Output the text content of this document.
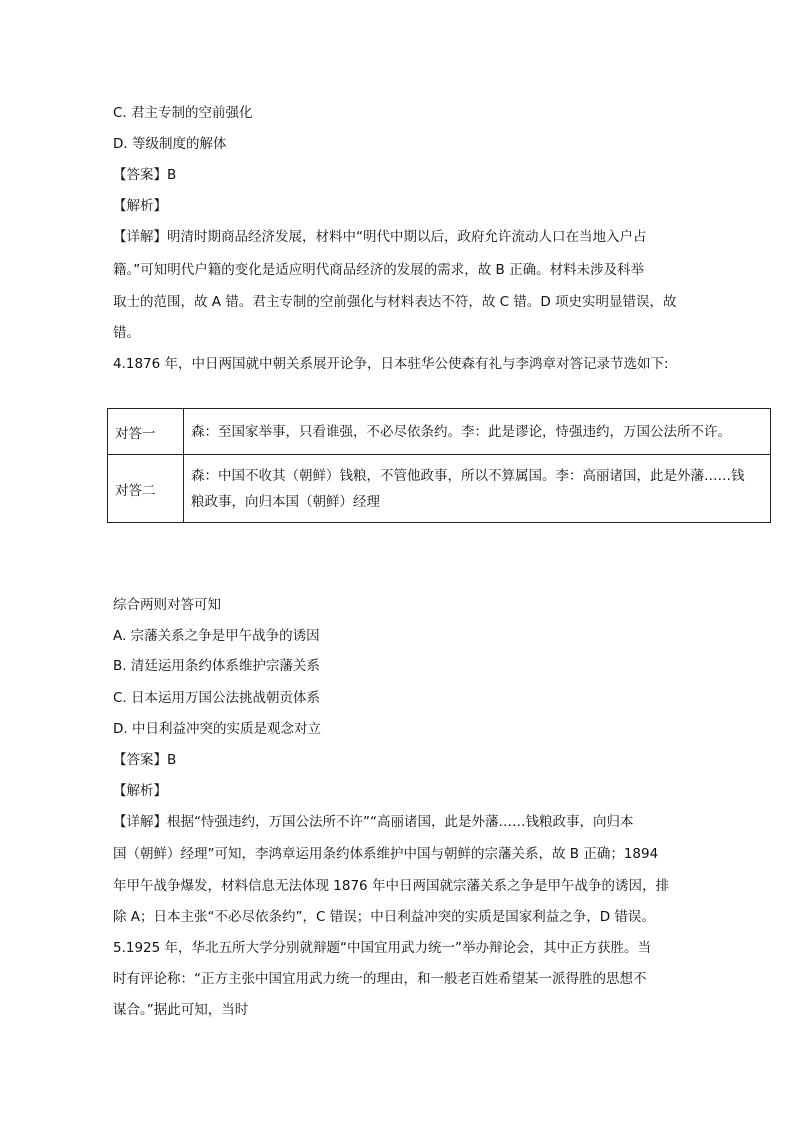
C. 君主专制的空前强化
D. 等级制度的解体
【答案】B
【解析】
【详解】明清时期商品经济发展，材料中“明代中期以后，政府允许流动人口在当地入户占
籍。”可知明代户籍的变化是适应明代商品经济的发展的需求，故 B 正确。材料未涉及科举
取士的范围，故 A 错。君主专制的空前强化与材料表达不符，故 C 错。D 项史实明显错误，故
错。
4.1876 年，中日两国就中朝关系展开论争，日本驻华公使森有礼与李鸿章对答记录节选如下:
综合两则对答可知
A. 宗藩关系之争是甲午战争的诱因
B. 清廷运用条约体系维护宗藩关系
C. 日本运用万国公法挑战朝贡体系
D. 中日利益冲突的实质是观念对立
【答案】B
【解析】
【详解】根据“恃强违约，万国公法所不许”“高丽诸国，此是外藩……钱粮政事，向归本
国（朝鲜）经理”可知，李鸿章运用条约体系维护中国与朝鲜的宗藩关系，故 B 正确；1894
年甲午战争爆发，材料信息无法体现 1876 年中日两国就宗藩关系之争是甲午战争的诱因，排
除 A；日本主张“不必尽依条约”，C 错误；中日利益冲突的实质是国家利益之争，D 错误。
5.1925 年，华北五所大学分别就辩题“中国宜用武力统一”举办辩论会，其中正方获胜。当
时有评论称：“正方主张中国宜用武力统一的理由，和一般老百姓希望某一派得胜的思想不
谋合。”据此可知，当时
对答一	森：至国家举事，只看谁强，不必尽依条约。李：此是谬论，恃强违约，万国公法所不许。
对答二	森：中国不收其（朝鲜）钱粮，不管他政事，所以不算属国。李：高丽诸国，此是外藩……钱
粮政事，向归本国（朝鲜）经理
